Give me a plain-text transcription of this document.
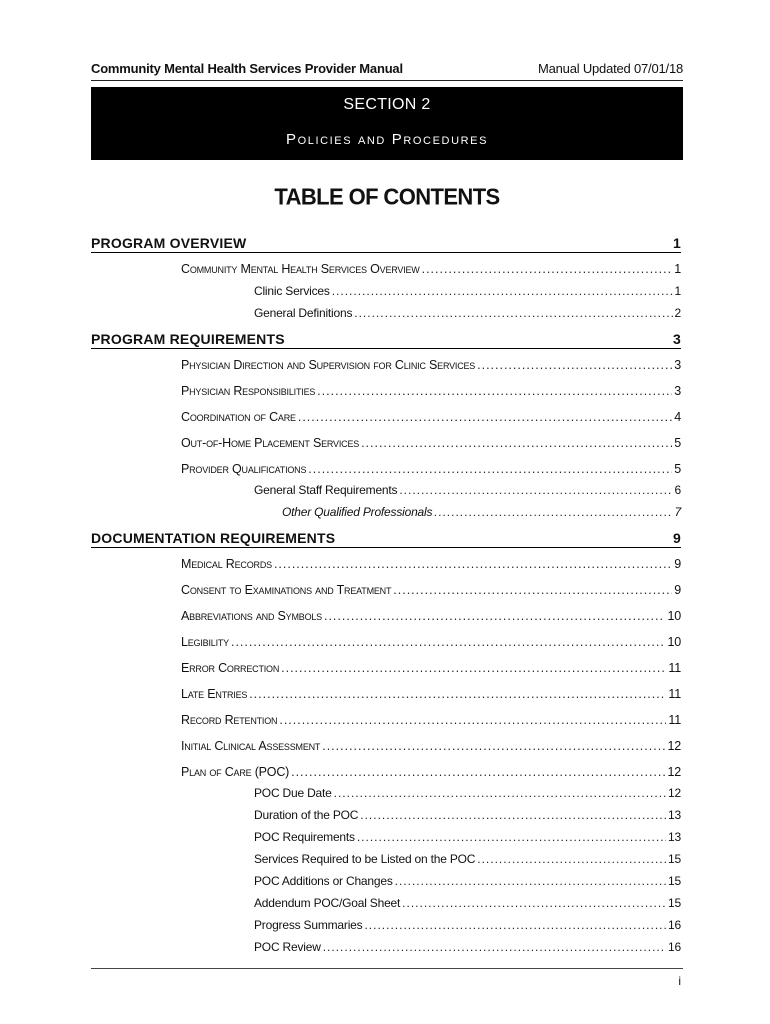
Community Mental Health Services Provider Manual	Manual Updated 07/01/18
SECTION 2
Policies and Procedures
TABLE OF CONTENTS
PROGRAM OVERVIEW	1
Community Mental Health Services Overview .....	1
Clinic Services .....	1
General Definitions .....	2
PROGRAM REQUIREMENTS	3
Physician Direction and Supervision for Clinic Services .....	3
Physician Responsibilities .....	3
Coordination of Care .....	4
Out-of-Home Placement Services .....	5
Provider Qualifications .....	5
General Staff Requirements .....	6
Other Qualified Professionals .....	7
DOCUMENTATION REQUIREMENTS	9
Medical Records .....	9
Consent to Examinations and Treatment .....	9
Abbreviations and Symbols .....	10
Legibility .....	10
Error Correction .....	11
Late Entries .....	11
Record Retention .....	11
Initial Clinical Assessment .....	12
Plan of Care (POC) .....	12
POC Due Date .....	12
Duration of the POC .....	13
POC Requirements .....	13
Services Required to be Listed on the POC .....	15
POC Additions or Changes .....	15
Addendum POC/Goal Sheet .....	15
Progress Summaries .....	16
POC Review .....	16
i
